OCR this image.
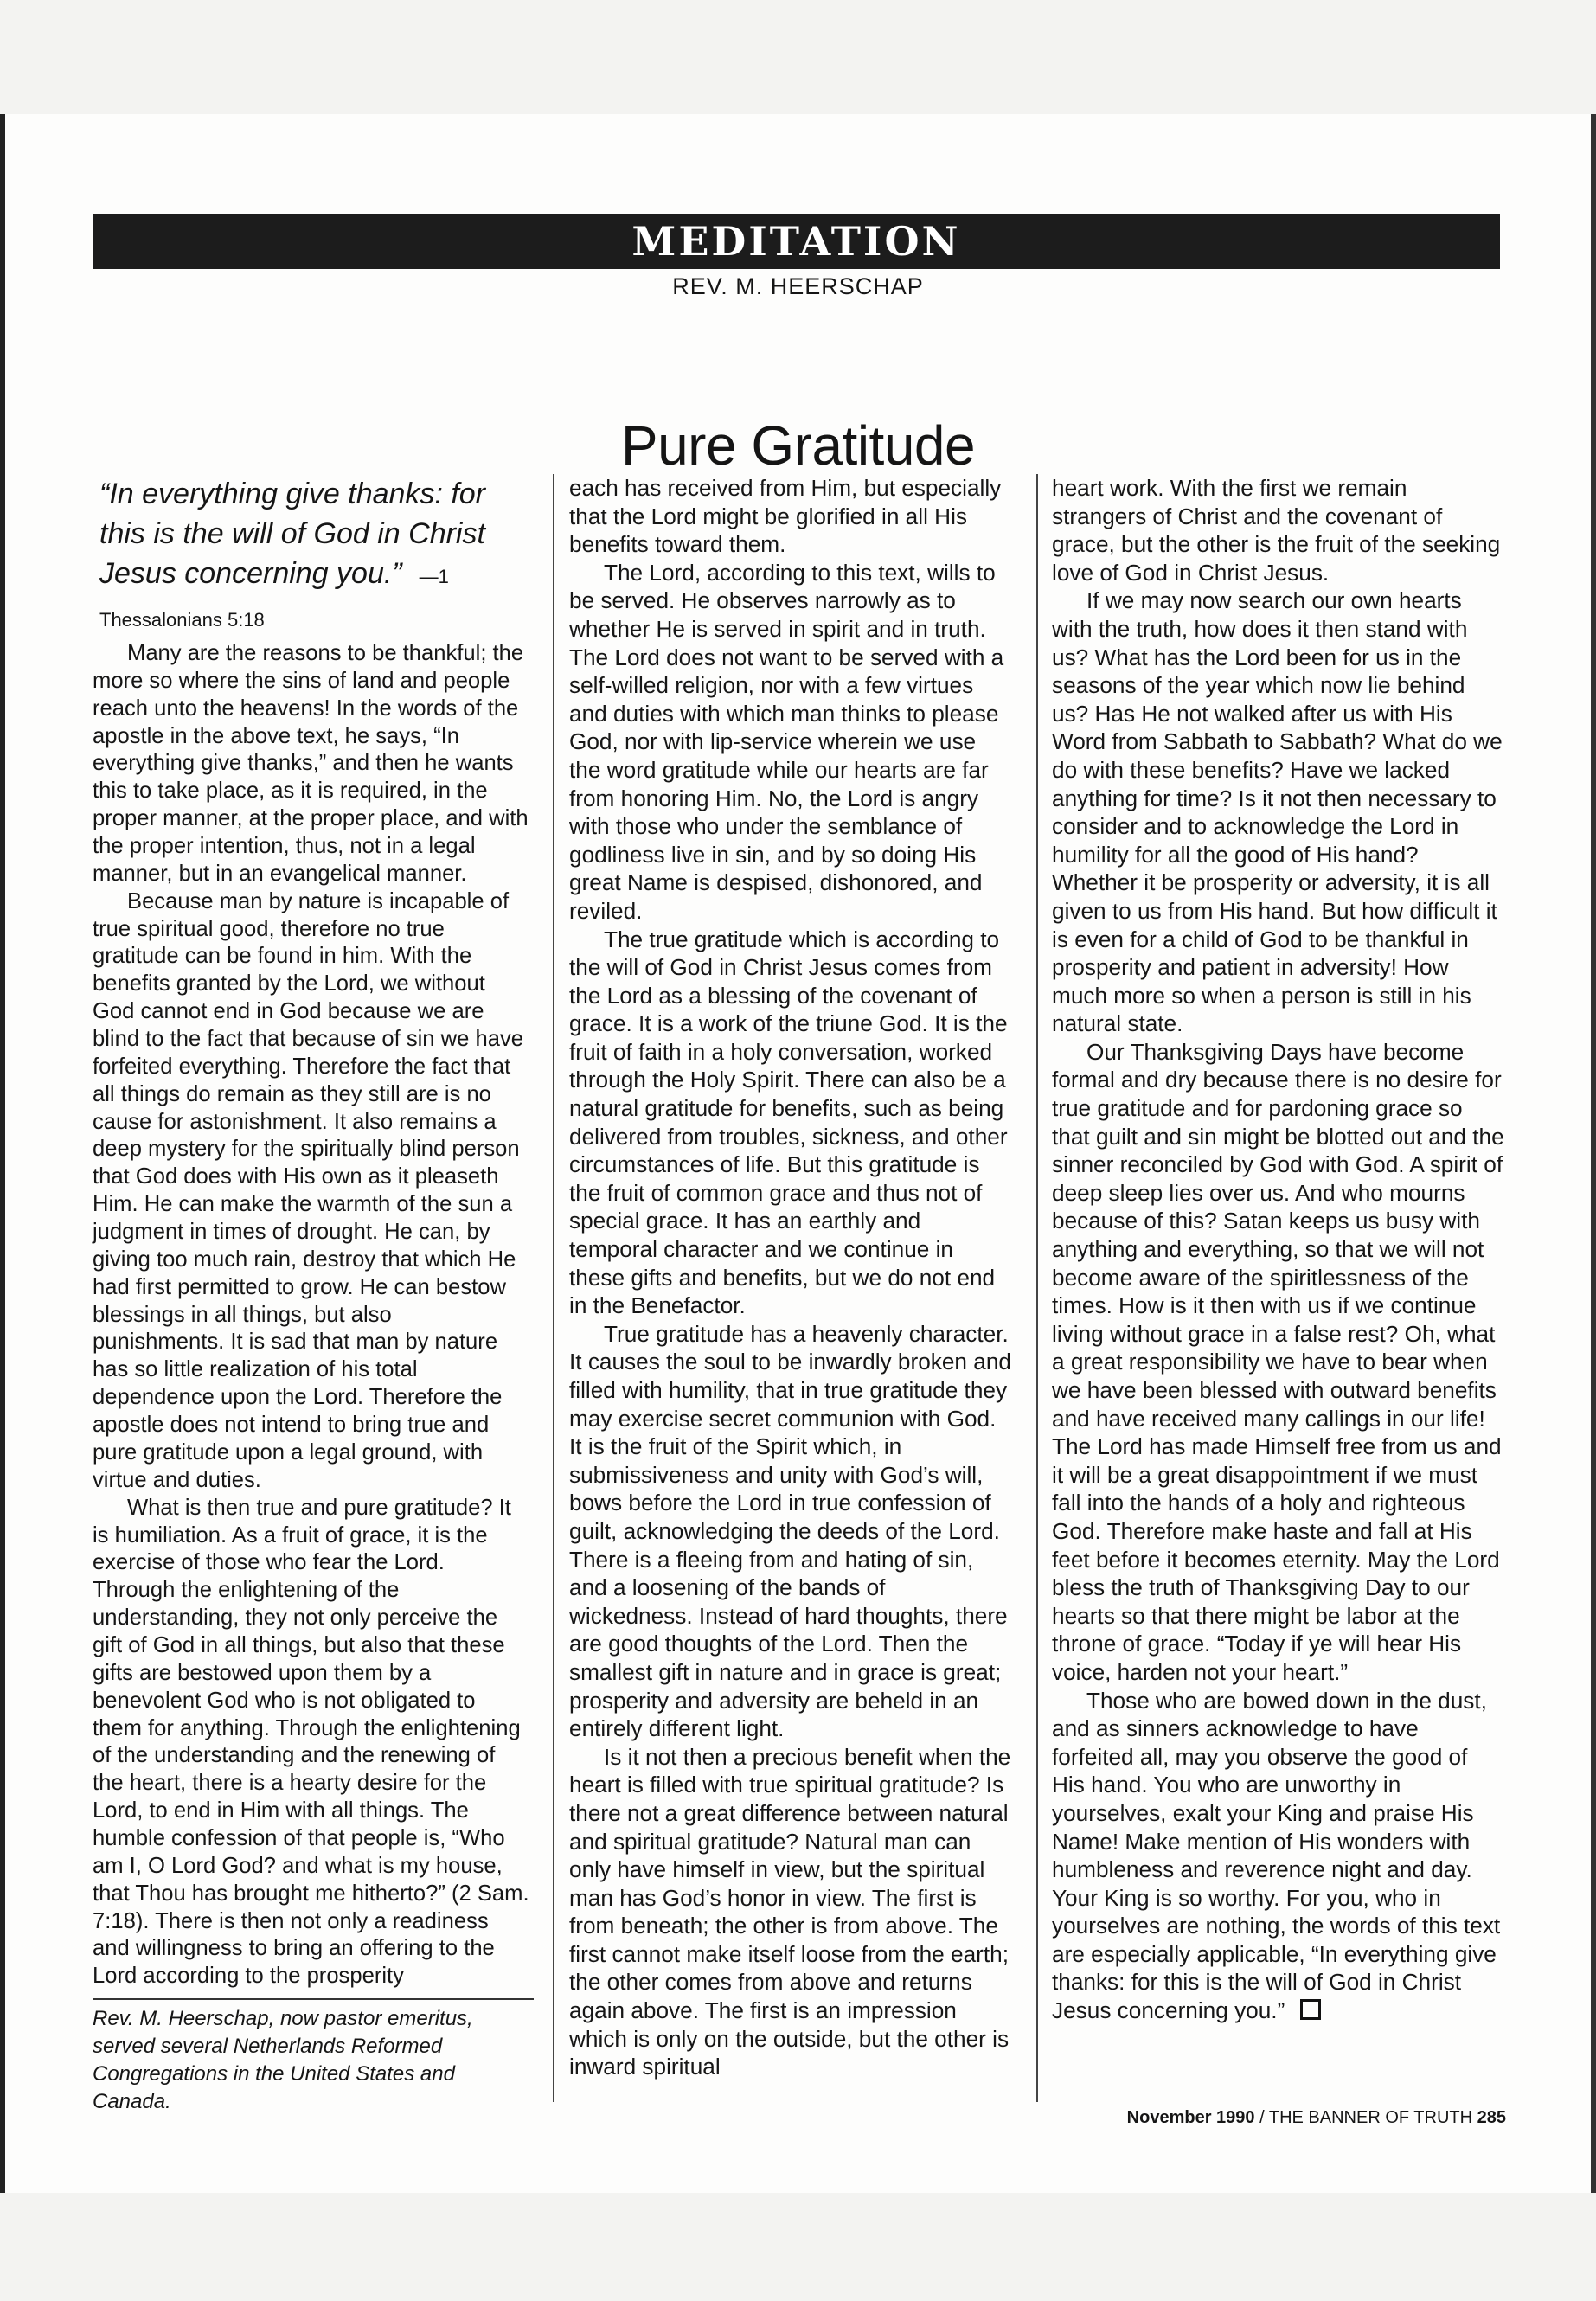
MEDITATION
REV. M. HEERSCHAP
Pure Gratitude
“In everything give thanks: for this is the will of God in Christ Jesus concerning you.” —1 Thessalonians 5:18

Many are the reasons to be thankful; the more so where the sins of land and people reach unto the heavens! In the words of the apostle in the above text, he says, “In everything give thanks,” and then he wants this to take place, as it is required, in the proper manner, at the proper place, and with the proper intention, thus, not in a legal manner, but in an evangelical manner.

Because man by nature is incapable of true spiritual good, therefore no true gratitude can be found in him. With the benefits granted by the Lord, we without God cannot end in God because we are blind to the fact that because of sin we have forfeited everything. Therefore the fact that all things do remain as they still are is no cause for astonishment. It also remains a deep mystery for the spiritually blind person that God does with His own as it pleaseth Him. He can make the warmth of the sun a judgment in times of drought. He can, by giving too much rain, destroy that which He had first permitted to grow. He can bestow blessings in all things, but also punishments. It is sad that man by nature has so little realization of his total dependence upon the Lord. Therefore the apostle does not intend to bring true and pure gratitude upon a legal ground, with virtue and duties.

What is then true and pure gratitude? It is humiliation. As a fruit of grace, it is the exercise of those who fear the Lord. Through the enlightening of the understanding, they not only perceive the gift of God in all things, but also that these gifts are bestowed upon them by a benevolent God who is not obligated to them for anything. Through the enlightening of the understanding and the renewing of the heart, there is a hearty desire for the Lord, to end in Him with all things. The humble confession of that people is, “Who am I, O Lord God? and what is my house, that Thou has brought me hitherto?” (2 Sam. 7:18). There is then not only a readiness and willingness to bring an offering to the Lord according to the prosperity

Rev. M. Heerschap, now pastor emeritus, served several Netherlands Reformed Congregations in the United States and Canada.

each has received from Him, but especially that the Lord might be glorified in all His benefits toward them.

The Lord, according to this text, wills to be served. He observes narrowly as to whether He is served in spirit and in truth. The Lord does not want to be served with a self-willed religion, nor with a few virtues and duties with which man thinks to please God, nor with lip-service wherein we use the word gratitude while our hearts are far from honoring Him. No, the Lord is angry with those who under the semblance of godliness live in sin, and by so doing His great Name is despised, dishonored, and reviled.

The true gratitude which is according to the will of God in Christ Jesus comes from the Lord as a blessing of the covenant of grace. It is a work of the triune God. It is the fruit of faith in a holy conversation, worked through the Holy Spirit. There can also be a natural gratitude for benefits, such as being delivered from troubles, sickness, and other circumstances of life. But this gratitude is the fruit of common grace and thus not of special grace. It has an earthly and temporal character and we continue in these gifts and benefits, but we do not end in the Benefactor.

True gratitude has a heavenly character. It causes the soul to be inwardly broken and filled with humility, that in true gratitude they may exercise secret communion with God. It is the fruit of the Spirit which, in submissiveness and unity with God’s will, bows before the Lord in true confession of guilt, acknowledging the deeds of the Lord. There is a fleeing from and hating of sin, and a loosening of the bands of wickedness. Instead of hard thoughts, there are good thoughts of the Lord. Then the smallest gift in nature and in grace is great; prosperity and adversity are beheld in an entirely different light.

Is it not then a precious benefit when the heart is filled with true spiritual gratitude? Is there not a great difference between natural and spiritual gratitude? Natural man can only have himself in view, but the spiritual man has God’s honor in view. The first is from beneath; the other is from above. The first cannot make itself loose from the earth; the other comes from above and returns again above. The first is an impression which is only on the outside, but the other is inward spiritual

heart work. With the first we remain strangers of Christ and the covenant of grace, but the other is the fruit of the seeking love of God in Christ Jesus.

If we may now search our own hearts with the truth, how does it then stand with us? What has the Lord been for us in the seasons of the year which now lie behind us? Has He not walked after us with His Word from Sabbath to Sabbath? What do we do with these benefits? Have we lacked anything for time? Is it not then necessary to consider and to acknowledge the Lord in humility for all the good of His hand? Whether it be prosperity or adversity, it is all given to us from His hand. But how difficult it is even for a child of God to be thankful in prosperity and patient in adversity! How much more so when a person is still in his natural state.

Our Thanksgiving Days have become formal and dry because there is no desire for true gratitude and for pardoning grace so that guilt and sin might be blotted out and the sinner reconciled by God with God. A spirit of deep sleep lies over us. And who mourns because of this? Satan keeps us busy with anything and everything, so that we will not become aware of the spiritlessness of the times. How is it then with us if we continue living without grace in a false rest? Oh, what a great responsibility we have to bear when we have been blessed with outward benefits and have received many callings in our life! The Lord has made Himself free from us and it will be a great disappointment if we must fall into the hands of a holy and righteous God. Therefore make haste and fall at His feet before it becomes eternity. May the Lord bless the truth of Thanksgiving Day to our hearts so that there might be labor at the throne of grace. “Today if ye will hear His voice, harden not your heart.”

Those who are bowed down in the dust, and as sinners acknowledge to have forfeited all, may you observe the good of His hand. You who are unworthy in yourselves, exalt your King and praise His Name! Make mention of His wonders with humbleness and reverence night and day. Your King is so worthy. For you, who in yourselves are nothing, the words of this text are especially applicable, “In everything give thanks: for this is the will of God in Christ Jesus concerning you.”

November 1990 / THE BANNER OF TRUTH 285
